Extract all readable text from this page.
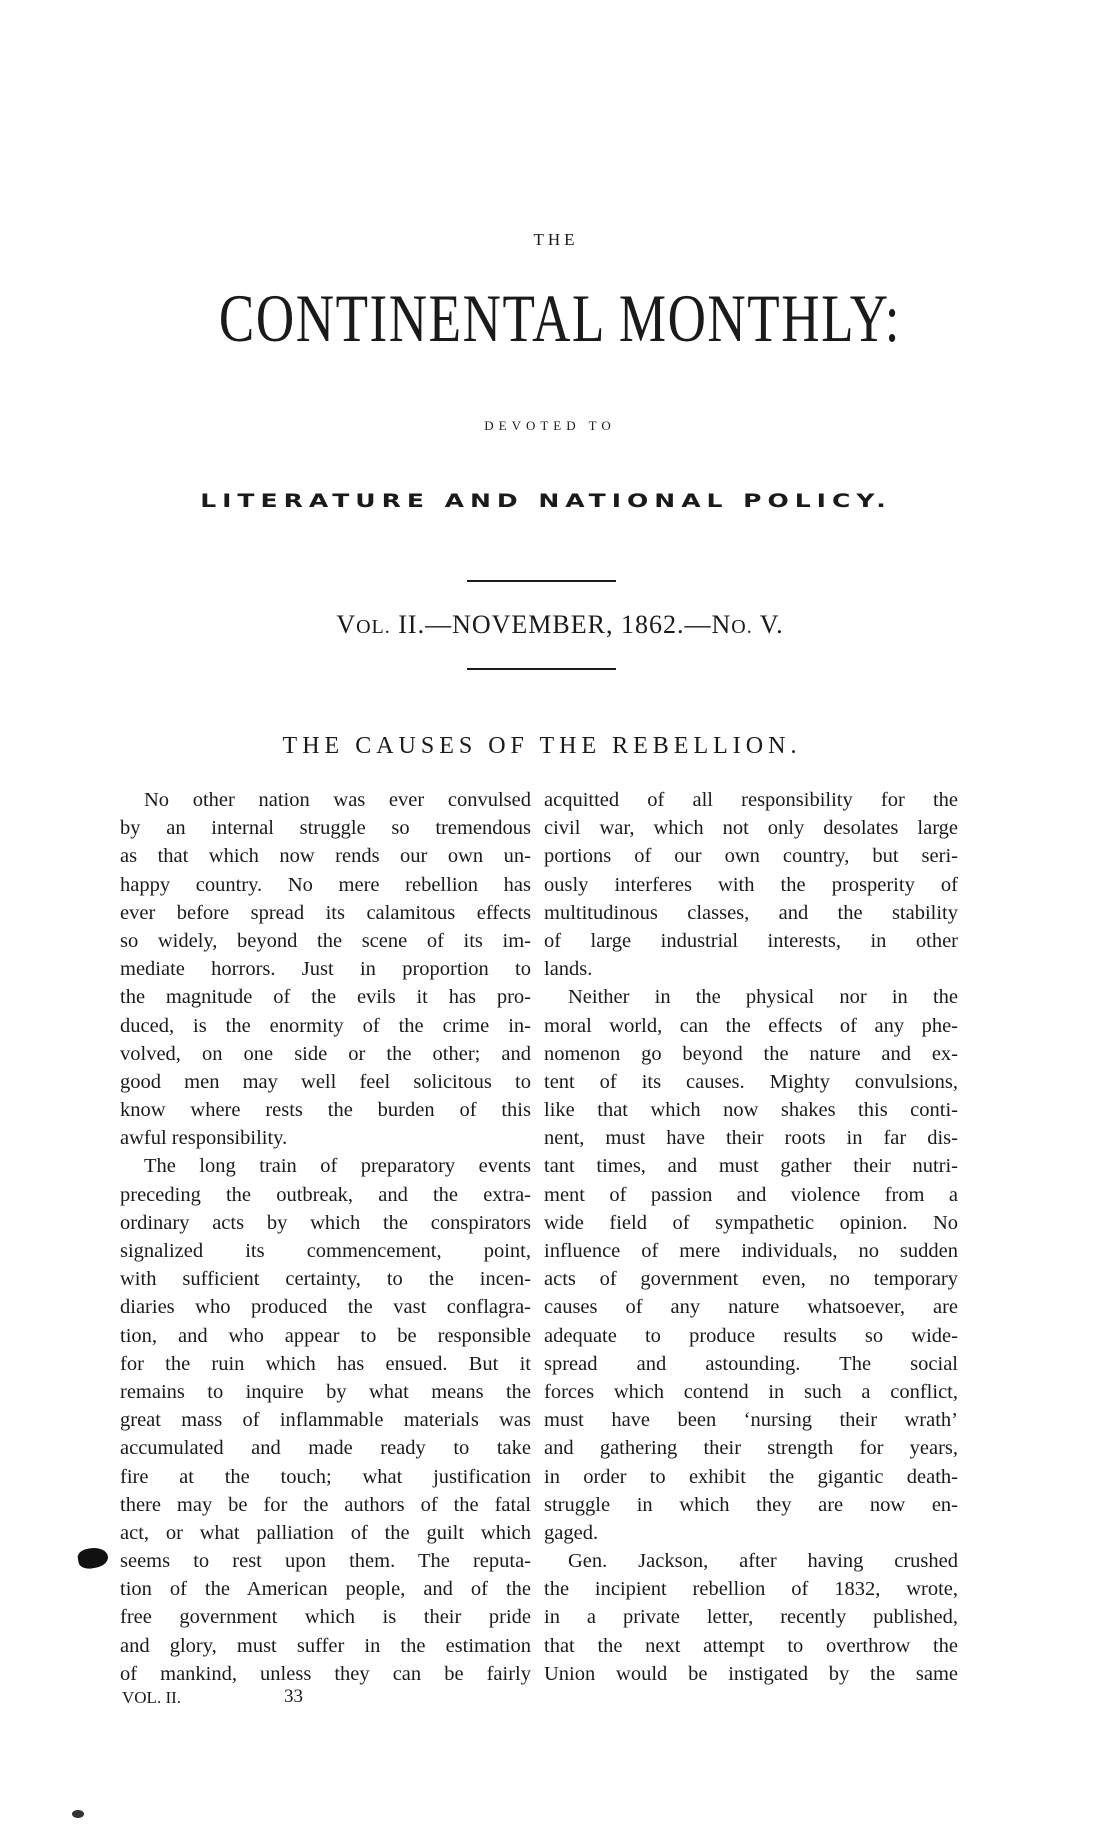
THE
CONTINENTAL MONTHLY:
DEVOTED TO
LITERATURE AND NATIONAL POLICY.
VOL. II.—NOVEMBER, 1862.—NO. V.
THE CAUSES OF THE REBELLION.
No other nation was ever convulsed
by an internal struggle so tremendous
as that which now rends our own un-
happy country. No mere rebellion has
ever before spread its calamitous effects
so widely, beyond the scene of its im-
mediate horrors. Just in proportion to
the magnitude of the evils it has pro-
duced, is the enormity of the crime in-
volved, on one side or the other; and
good men may well feel solicitous to
know where rests the burden of this
awful responsibility.
The long train of preparatory events
preceding the outbreak, and the extra-
ordinary acts by which the conspirators
signalized its commencement, point,
with sufficient certainty, to the incen-
diaries who produced the vast conflagra-
tion, and who appear to be responsible
for the ruin which has ensued. But it
remains to inquire by what means the
great mass of inflammable materials was
accumulated and made ready to take
fire at the touch; what justification
there may be for the authors of the fatal
act, or what palliation of the guilt which
seems to rest upon them. The reputa-
tion of the American people, and of the
free government which is their pride
and glory, must suffer in the estimation
of mankind, unless they can be fairly
acquitted of all responsibility for the
civil war, which not only desolates large
portions of our own country, but seri-
ously interferes with the prosperity of
multitudinous classes, and the stability
of large industrial interests, in other
lands.
Neither in the physical nor in the
moral world, can the effects of any phe-
nomenon go beyond the nature and ex-
tent of its causes. Mighty convulsions,
like that which now shakes this conti-
nent, must have their roots in far dis-
tant times, and must gather their nutri-
ment of passion and violence from a
wide field of sympathetic opinion. No
influence of mere individuals, no sudden
acts of government even, no temporary
causes of any nature whatsoever, are
adequate to produce results so wide-
spread and astounding. The social
forces which contend in such a conflict,
must have been ‘nursing their wrath’
and gathering their strength for years,
in order to exhibit the gigantic death-
struggle in which they are now en-
gaged.
Gen. Jackson, after having crushed
the incipient rebellion of 1832, wrote,
in a private letter, recently published,
that the next attempt to overthrow the
Union would be instigated by the same
VOL. II.	33
